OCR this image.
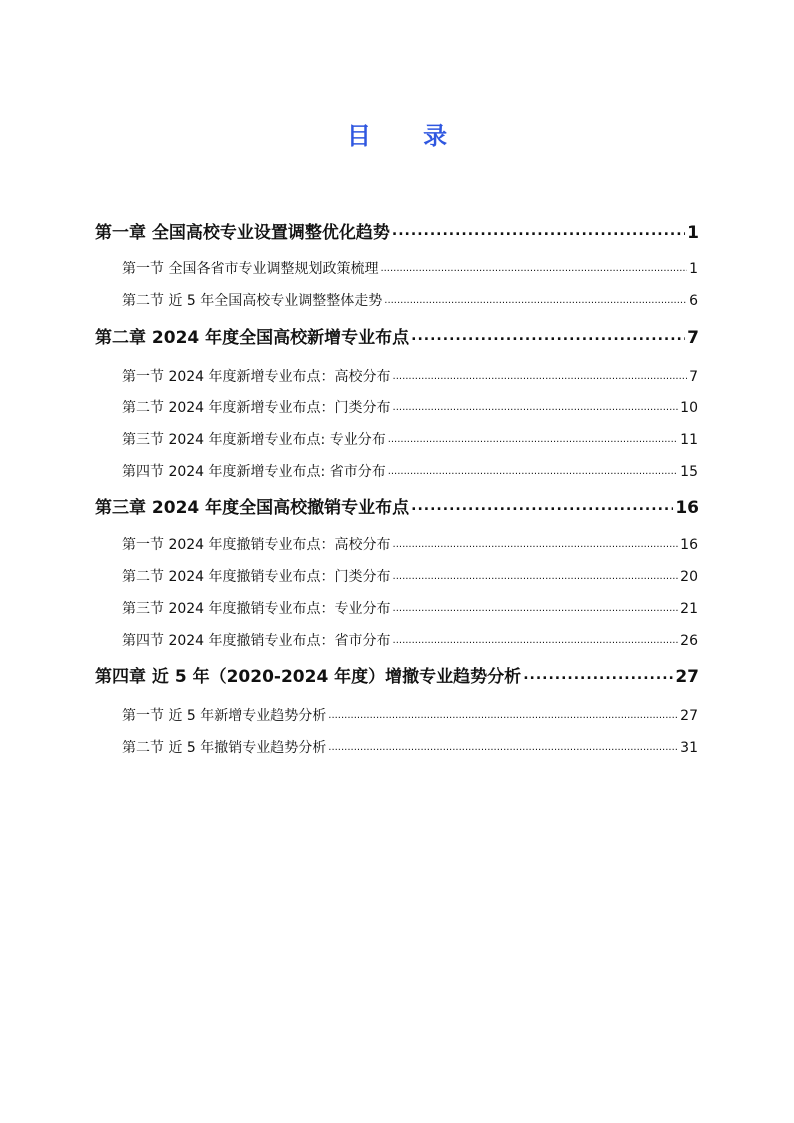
目 录
第一章 全国高校专业设置调整优化趋势 .....	1
第一节 全国各省市专业调整规划政策梳理 .....	1
第二节 近 5 年全国高校专业调整整体走势 .....	6
第二章 2024 年度全国高校新增专业布点 .....	7
第一节 2024 年度新增专业布点：高校分布 .....	7
第二节 2024 年度新增专业布点：门类分布 .....	10
第三节 2024 年度新增专业布点: 专业分布 .....	11
第四节 2024 年度新增专业布点: 省市分布 .....	15
第三章 2024 年度全国高校撤销专业布点 .....	16
第一节 2024 年度撤销专业布点：高校分布 .....	16
第二节 2024 年度撤销专业布点：门类分布 .....	20
第三节 2024 年度撤销专业布点：专业分布 .....	21
第四节 2024 年度撤销专业布点：省市分布 .....	26
第四章 近 5 年（2020-2024 年度）增撤专业趋势分析 .....	27
第一节 近 5 年新增专业趋势分析 .....	27
第二节 近 5 年撤销专业趋势分析 .....	31
